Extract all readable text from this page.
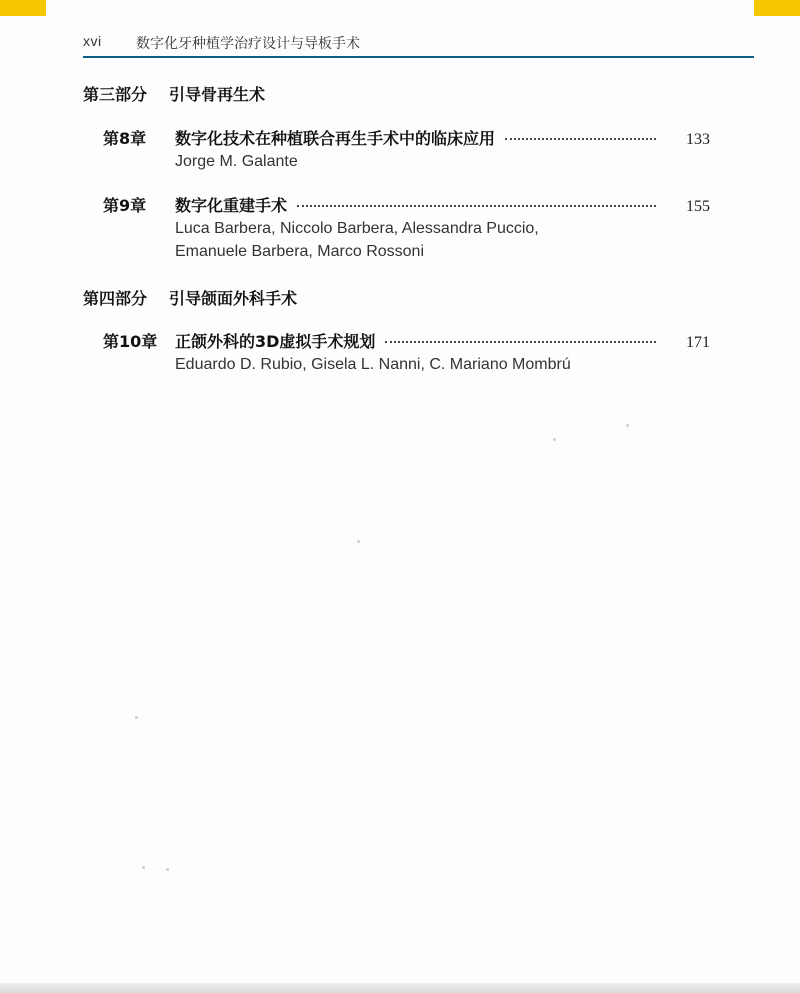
xvi 数字化牙种植学治疗设计与导板手术
第三部分 引导骨再生术
第8章	数字化技术在种植联合再生手术中的临床应用	133
Jorge M. Galante
第9章	数字化重建手术	155
Luca Barbera, Niccolo Barbera, Alessandra Puccio,
Emanuele Barbera, Marco Rossoni
第四部分 引导颌面外科手术
第10章	正颌外科的3D虚拟手术规划	171
Eduardo D. Rubio, Gisela L. Nanni, C. Mariano Mombrú
